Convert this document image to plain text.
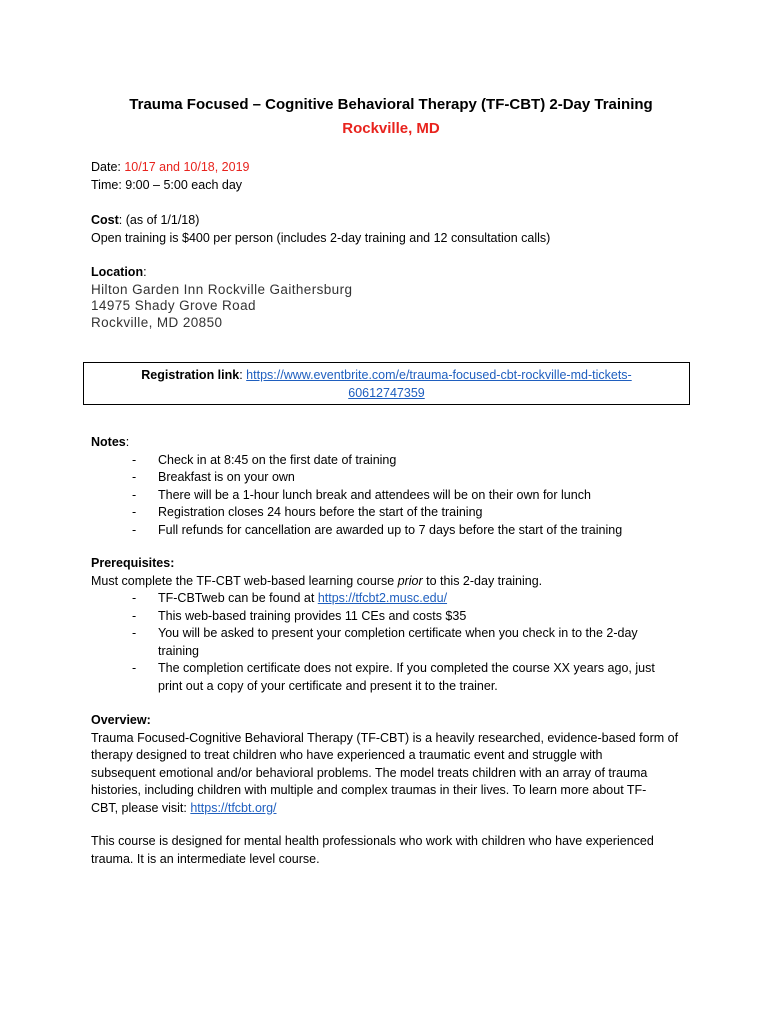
Trauma Focused – Cognitive Behavioral Therapy (TF-CBT) 2-Day Training
Rockville, MD

Date: 10/17 and 10/18, 2019

Time: 9:00 – 5:00 each day

Cost: (as of 1/1/18)

Open training is $400 per person (includes 2-day training and 12 consultation calls)

Location:

Hilton Garden Inn Rockville Gaithersburg
14975 Shady Grove Road
Rockville, MD 20850

Notes:

- Check in at 8:45 on the first date of training
- Breakfast is on your own
- There will be a 1-hour lunch break and attendees will be on their own for lunch
- Registration closes 24 hours before the start of the training
- Full refunds for cancellation are awarded up to 7 days before the start of the training

Prerequisites:

Must complete the TF-CBT web-based learning course prior to this 2-day training.

- TF-CBTweb can be found at https://tfcbt2.musc.edu/
- This web-based training provides 11 CEs and costs $35
- You will be asked to present your completion certificate when you check in to the 2-day
training
- The completion certificate does not expire. If you completed the course XX years ago, just
print out a copy of your certificate and present it to the trainer.

Overview:

Trauma Focused-Cognitive Behavioral Therapy (TF-CBT) is a heavily researched, evidence-based form of

therapy designed to treat children who have experienced a traumatic event and struggle with

subsequent emotional and/or behavioral problems. The model treats children with an array of trauma

histories, including children with multiple and complex traumas in their lives. To learn more about TF-

CBT, please visit: https://tfcbt.org/

This course is designed for mental health professionals who work with children who have experienced

trauma. It is an intermediate level course.

Registration link: https://www.eventbrite.com/e/trauma-focused-cbt-rockville-md-tickets-
60612747359
